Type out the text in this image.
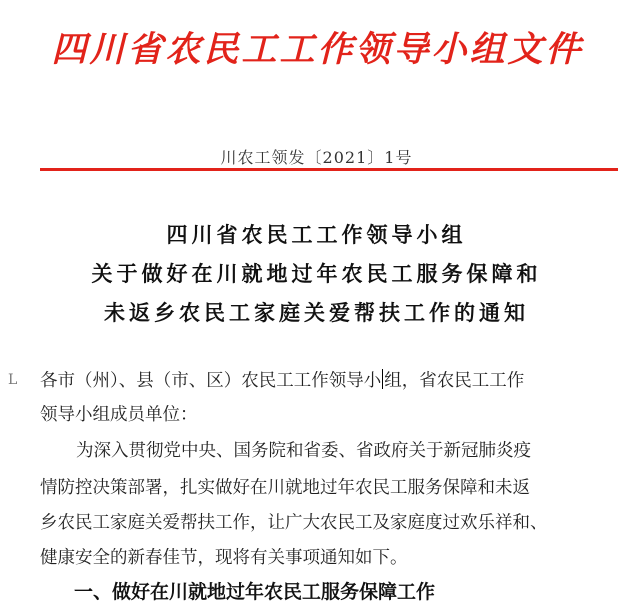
四川省农民工工作领导小组文件
川农工领发〔2021〕1号
四川省农民工工作领导小组
关于做好在川就地过年农民工服务保障和
未返乡农民工家庭关爱帮扶工作的通知
L 各市（州）、县（市、区）农民工工作领导小 组，省农民工工作
领导小组成员单位：
为深入贯彻党中央、国务院和省委、省政府关于新冠肺炎疫
情防控决策部署，扎实做好在川就地过年农民工服务保障和未返
乡农民工家庭关爱帮扶工作，让广大农民工及家庭度过欢乐祥和、
健康安全的新春佳节，现将有关事项通知如下。
一、做好在川就地过年农民工服务保障工作
